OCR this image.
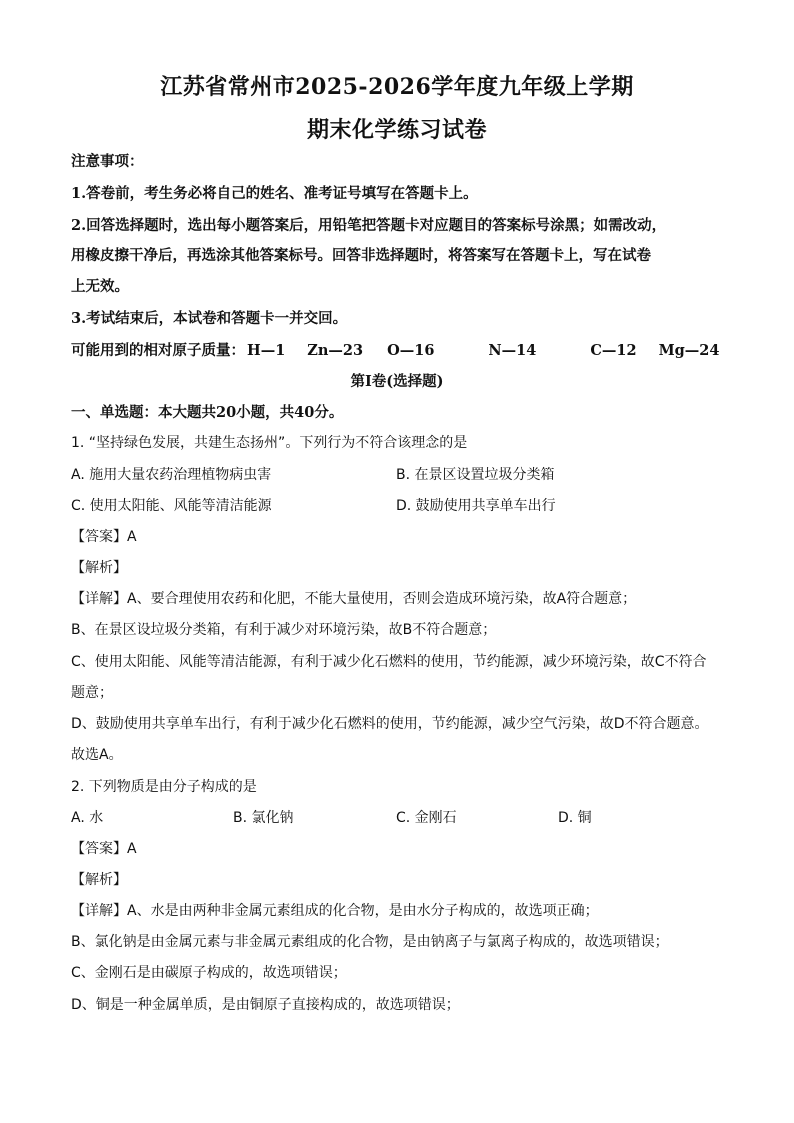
江苏省常州市2025-2026学年度九年级上学期
期末化学练习试卷
注意事项：
1.答卷前，考生务必将自己的姓名、准考证号填写在答题卡上。
2.回答选择题时，选出每小题答案后，用铅笔把答题卡对应题目的答案标号涂黑；如需改动，
用橡皮擦干净后，再选涂其他答案标号。回答非选择题时，将答案写在答题卡上，写在试卷
上无效。
3.考试结束后，本试卷和答题卡一并交回。
可能用到的相对原子质量： H—1 Zn—23 O—16	N—14	C—12 Mg—24
第Ⅰ卷(选择题)
一、单选题：本大题共20小题，共40分。
1. “坚持绿色发展，共建生态扬州”。下列行为不符合该理念的是
A. 施用大量农药治理植物病虫害	B. 在景区设置垃圾分类箱
C. 使用太阳能、风能等清洁能源	D. 鼓励使用共享单车出行
【答案】A
【解析】
【详解】A、要合理使用农药和化肥，不能大量使用，否则会造成环境污染，故A符合题意；
B、在景区设垃圾分类箱，有利于减少对环境污染，故B不符合题意；
C、使用太阳能、风能等清洁能源，有利于减少化石燃料的使用，节约能源，减少环境污染，故C不符合
题意；
D、鼓励使用共享单车出行，有利于减少化石燃料的使用，节约能源，减少空气污染，故D不符合题意。
故选A。
2. 下列物质是由分子构成的是
A. 水	B. 氯化钠	C. 金刚石	D. 铜
【答案】A
【解析】
【详解】A、水是由两种非金属元素组成的化合物，是由水分子构成的，故选项正确；
B、氯化钠是由金属元素与非金属元素组成的化合物，是由钠离子与氯离子构成的，故选项错误；
C、金刚石是由碳原子构成的，故选项错误；
D、铜是一种金属单质，是由铜原子直接构成的，故选项错误；
